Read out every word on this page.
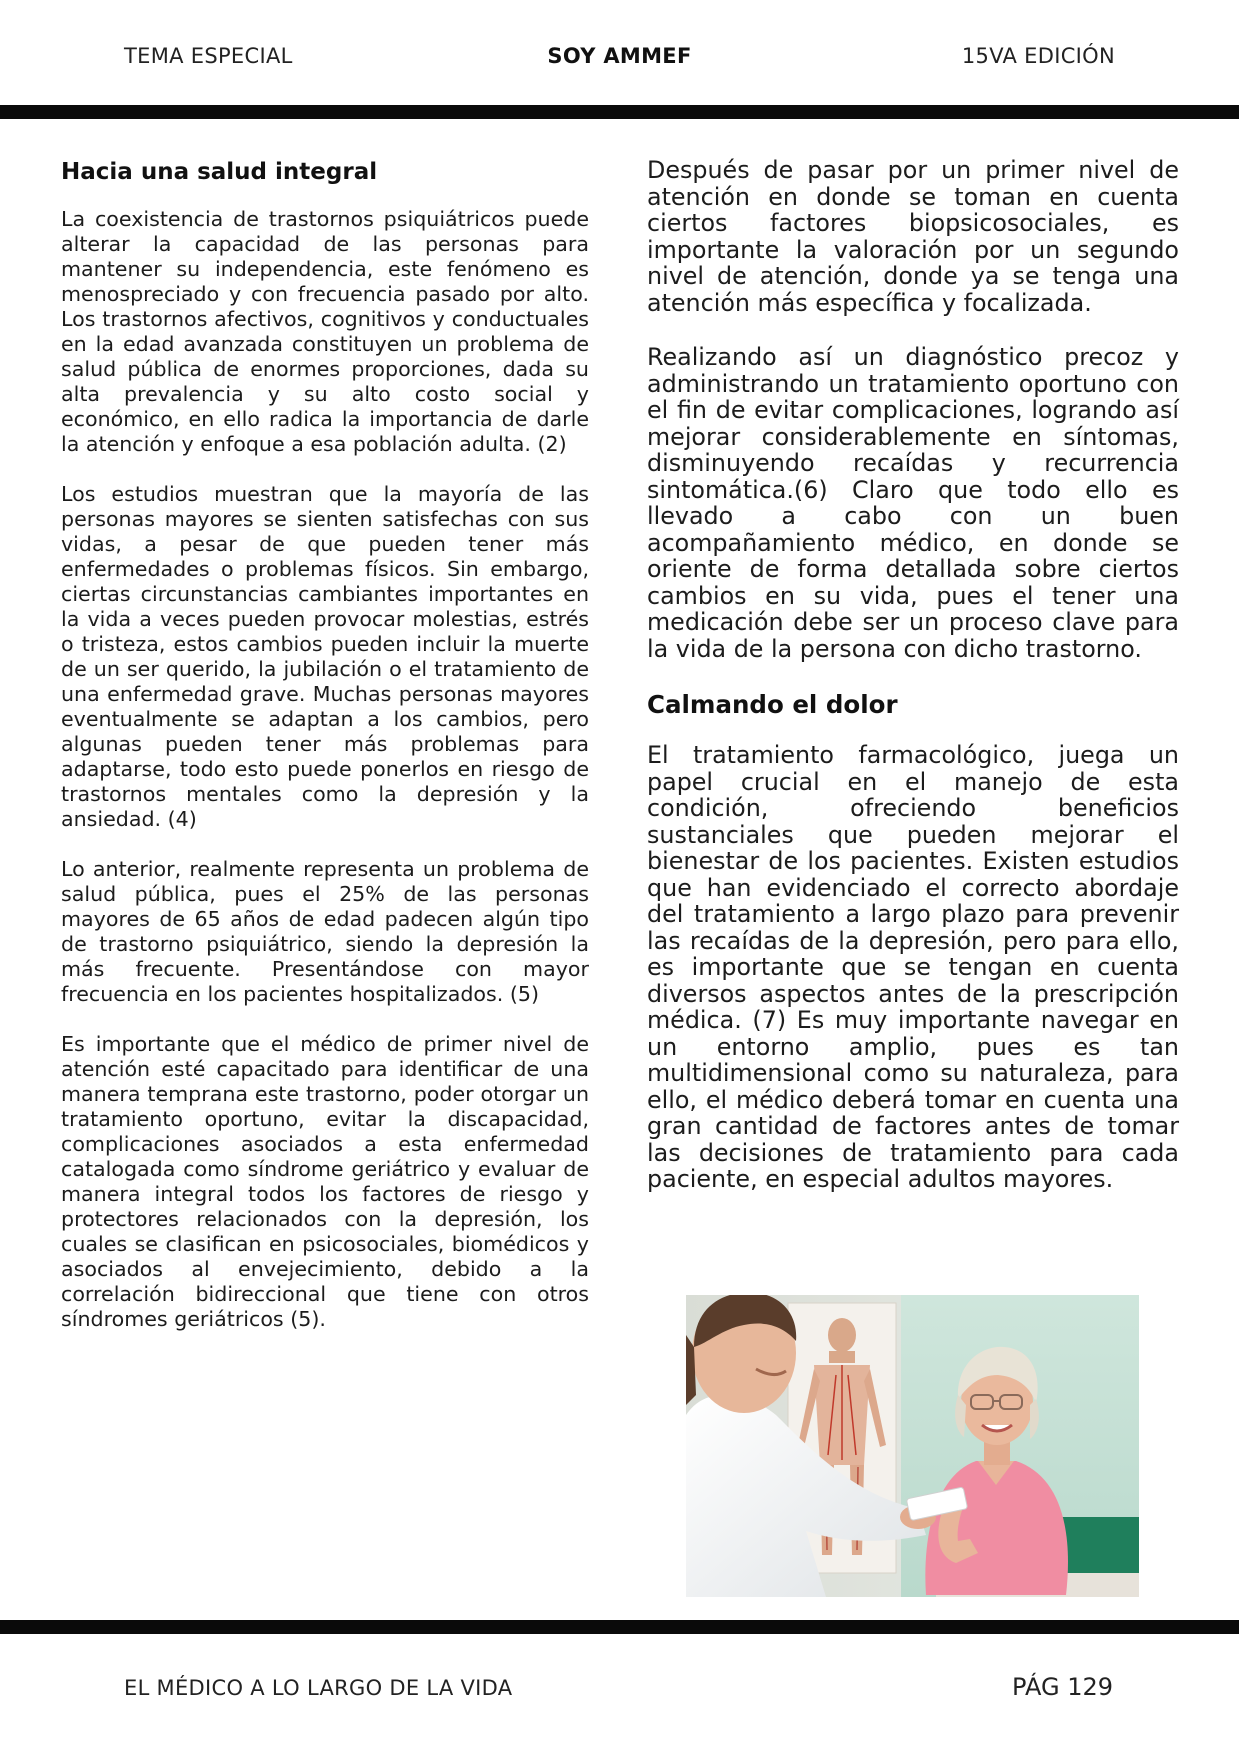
TEMA ESPECIAL	SOY AMMEF	15VA EDICIÓN
Hacia una salud integral

La coexistencia de trastornos psiquiátricos puede alterar la capacidad de las personas para mantener su independencia, este fenómeno es menospreciado y con frecuencia pasado por alto. Los trastornos afectivos, cognitivos y conductuales en la edad avanzada constituyen un problema de salud pública de enormes proporciones, dada su alta prevalencia y su alto costo social y económico, en ello radica la importancia de darle la atención y enfoque a esa población adulta. (2)

Los estudios muestran que la mayoría de las personas mayores se sienten satisfechas con sus vidas, a pesar de que pueden tener más enfermedades o problemas físicos. Sin embargo, ciertas circunstancias cambiantes importantes en la vida a veces pueden provocar molestias, estrés o tristeza, estos cambios pueden incluir la muerte de un ser querido, la jubilación o el tratamiento de una enfermedad grave. Muchas personas mayores eventualmente se adaptan a los cambios, pero algunas pueden tener más problemas para adaptarse, todo esto puede ponerlos en riesgo de trastornos mentales como la depresión y la ansiedad. (4)

Lo anterior, realmente representa un problema de salud pública, pues el 25% de las personas mayores de 65 años de edad padecen algún tipo de trastorno psiquiátrico, siendo la depresión la más frecuente. Presentándose con mayor frecuencia en los pacientes hospitalizados. (5)

Es importante que el médico de primer nivel de atención esté capacitado para identificar de una manera temprana este trastorno, poder otorgar un tratamiento oportuno, evitar la discapacidad, complicaciones asociados a esta enfermedad catalogada como síndrome geriátrico y evaluar de manera integral todos los factores de riesgo y protectores relacionados con la depresión, los cuales se clasifican en psicosociales, biomédicos y asociados al envejecimiento, debido a la correlación bidireccional que tiene con otros síndromes geriátricos (5).

Después de pasar por un primer nivel de atención en donde se toman en cuenta ciertos factores biopsicosociales, es importante la valoración por un segundo nivel de atención, donde ya se tenga una atención más específica y focalizada.

Realizando así un diagnóstico precoz y administrando un tratamiento oportuno con el fin de evitar complicaciones, logrando así mejorar considerablemente en síntomas, disminuyendo recaídas y recurrencia sintomática.(6) Claro que todo ello es llevado a cabo con un buen acompañamiento médico, en donde se oriente de forma detallada sobre ciertos cambios en su vida, pues el tener una medicación debe ser un proceso clave para la vida de la persona con dicho trastorno.

Calmando el dolor

El tratamiento farmacológico, juega un papel crucial en el manejo de esta condición, ofreciendo beneficios sustanciales que pueden mejorar el bienestar de los pacientes. Existen estudios que han evidenciado el correcto abordaje del tratamiento a largo plazo para prevenir las recaídas de la depresión, pero para ello, es importante que se tengan en cuenta diversos aspectos antes de la prescripción médica. (7) Es muy importante navegar en un entorno amplio, pues es tan multidimensional como su naturaleza, para ello, el médico deberá tomar en cuenta una gran cantidad de factores antes de tomar las decisiones de tratamiento para cada paciente, en especial adultos mayores.

EL MÉDICO A LO LARGO DE LA VIDA	PÁG 129
